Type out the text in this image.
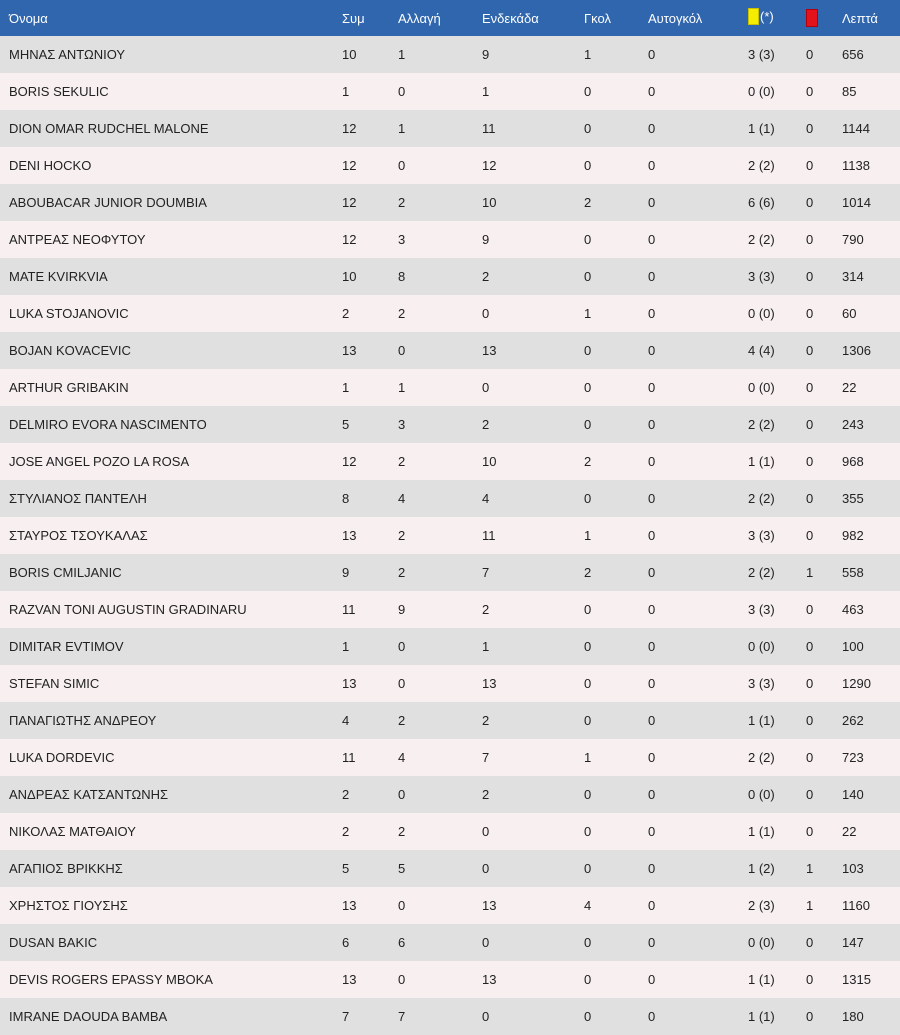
Όνομα	Συμ	Αλλαγή	Ενδεκάδα	Γκολ	Αυτογκόλ	(*)		Λεπτά
ΜΗΝΑΣ ΑΝΤΩΝΙΟΥ	10	1	9	1	0	3 (3)	0	656
BORIS SEKULIC	1	0	1	0	0	0 (0)	0	85
DION OMAR RUDCHEL MALONE	12	1	11	0	0	1 (1)	0	1144
DENI HOCKO	12	0	12	0	0	2 (2)	0	1138
ABOUBACAR JUNIOR DOUMBIA	12	2	10	2	0	6 (6)	0	1014
ΑΝΤΡΕΑΣ ΝΕΟΦΥΤΟΥ	12	3	9	0	0	2 (2)	0	790
MATE KVIRKVIA	10	8	2	0	0	3 (3)	0	314
LUKA STOJANOVIC	2	2	0	1	0	0 (0)	0	60
BOJAN KOVACEVIC	13	0	13	0	0	4 (4)	0	1306
ARTHUR GRIBAKIN	1	1	0	0	0	0 (0)	0	22
DELMIRO EVORA NASCIMENTO	5	3	2	0	0	2 (2)	0	243
JOSE ANGEL POZO LA ROSA	12	2	10	2	0	1 (1)	0	968
ΣΤΥΛΙΑΝΟΣ ΠΑΝΤΕΛΗ	8	4	4	0	0	2 (2)	0	355
ΣΤΑΥΡΟΣ ΤΣΟΥΚΑΛΑΣ	13	2	11	1	0	3 (3)	0	982
BORIS CMILJANIC	9	2	7	2	0	2 (2)	1	558
RAZVAN TONI AUGUSTIN GRADINARU	11	9	2	0	0	3 (3)	0	463
DIMITAR EVTIMOV	1	0	1	0	0	0 (0)	0	100
STEFAN SIMIC	13	0	13	0	0	3 (3)	0	1290
ΠΑΝΑΓΙΩΤΗΣ ΑΝΔΡΕΟΥ	4	2	2	0	0	1 (1)	0	262
LUKA DORDEVIC	11	4	7	1	0	2 (2)	0	723
ΑΝΔΡΕΑΣ ΚΑΤΣΑΝΤΩΝΗΣ	2	0	2	0	0	0 (0)	0	140
ΝΙΚΟΛΑΣ ΜΑΤΘΑΙΟΥ	2	2	0	0	0	1 (1)	0	22
ΑΓΑΠΙΟΣ ΒΡΙΚΚΗΣ	5	5	0	0	0	1 (2)	1	103
ΧΡΗΣΤΟΣ ΓΙΟΥΣΗΣ	13	0	13	4	0	2 (3)	1	1160
DUSAN BAKIC	6	6	0	0	0	0 (0)	0	147
DEVIS ROGERS EPASSY MBOKA	13	0	13	0	0	1 (1)	0	1315
IMRANE DAOUDA BAMBA	7	7	0	0	0	1 (1)	0	180
